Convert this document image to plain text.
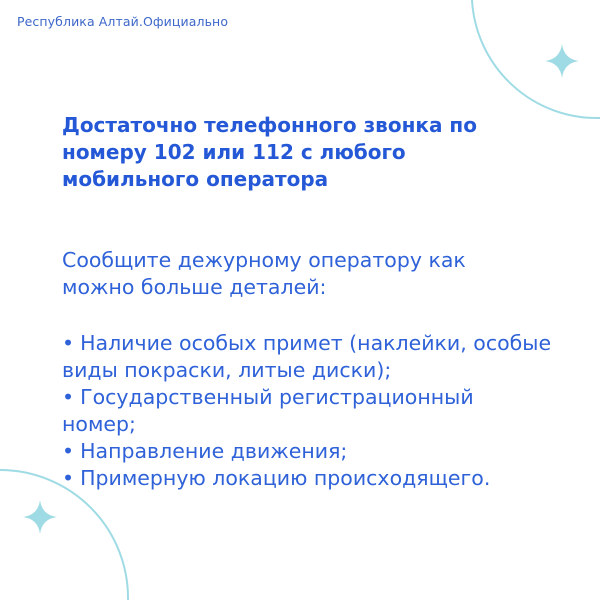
Республика Алтай.Официально
Достаточно телефонного звонка по номеру 102 или 112 с любого мобильного оператора
Сообщите дежурному оператору как можно больше деталей:
• Наличие особых примет (наклейки, особые виды покраски, литые диски);
• Государственный регистрационный номер;
• Направление движения;
• Примерную локацию происходящего.
